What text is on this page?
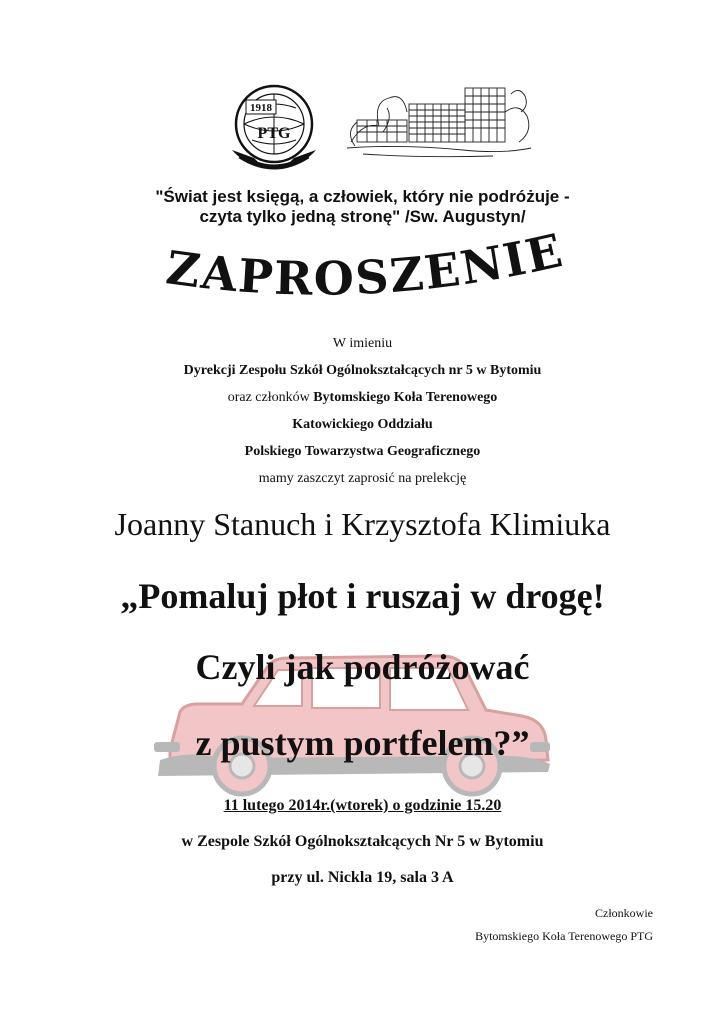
1918
PTG
"Świat jest księgą, a człowiek, który nie podróżuje -
czyta tylko jedną stronę" /Sw. Augustyn/
ZAPROSZENIE
W imieniu
Dyrekcji Zespołu Szkół Ogólnokształcących nr 5 w Bytomiu
oraz członków Bytomskiego Koła Terenowego
Katowickiego Oddziału
Polskiego Towarzystwa Geograficznego
mamy zaszczyt zaprosić na prelekcję
Joanny Stanuch i Krzysztofa Klimiuka
„Pomaluj płot i ruszaj w drogę!
Czyli jak podróżować
z pustym portfelem?”
11 lutego 2014r.(wtorek) o godzinie 15.20
w Zespole Szkół Ogólnokształcących Nr 5 w Bytomiu
przy ul. Nickla 19, sala 3 A
Członkowie
Bytomskiego Koła Terenowego PTG
